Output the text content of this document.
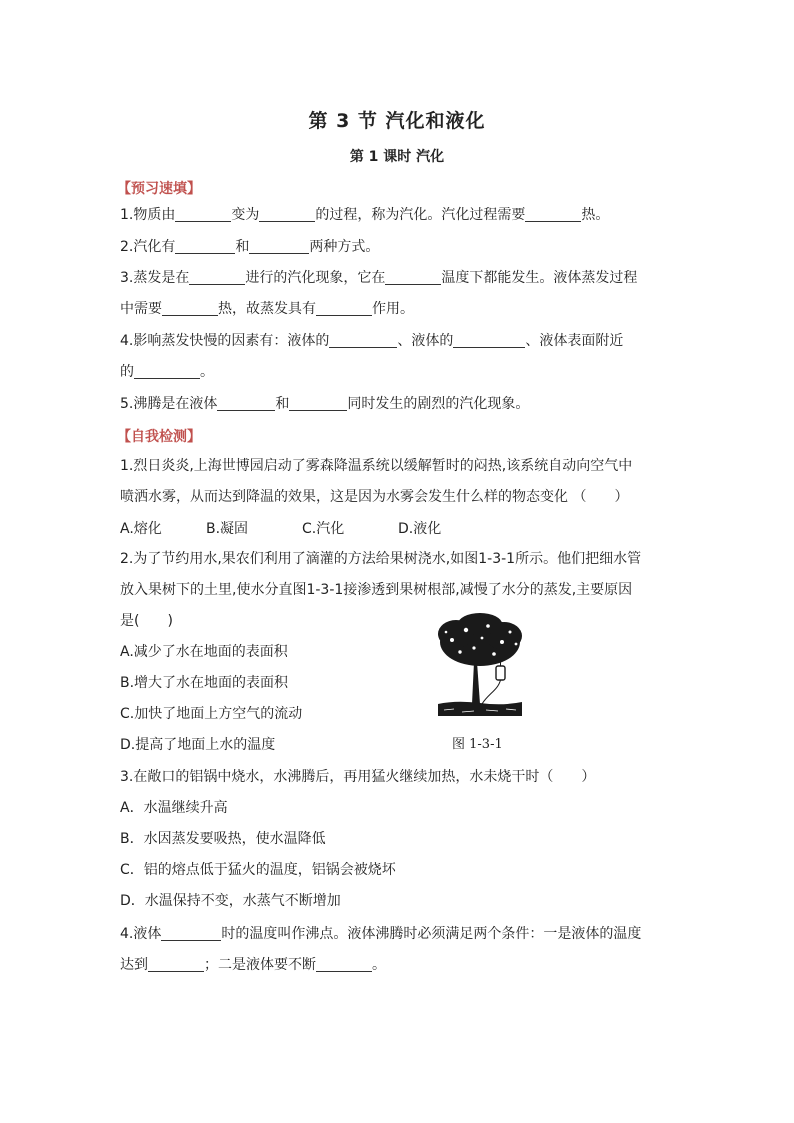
第 3 节 汽化和液化
第 1 课时 汽化
【预习速填】
1.物质由	变为	的过程，称为汽化。汽化过程需要	热。
2.汽化有	和	两种方式。
3.蒸发是在	进行的汽化现象，它在	温度下都能发生。液体蒸发过程
中需要	热，故蒸发具有	作用。
4.影响蒸发快慢的因素有：液体的	、液体的	、液体表面附近
的	。
5.沸腾是在液体	和	同时发生的剧烈的汽化现象。
【自我检测】
1.烈日炎炎,上海世博园启动了雾森降温系统以缓解暂时的闷热,该系统自动向空气中
喷洒水雾，从而达到降温的效果，这是因为水雾会发生什么样的物态变化 （　　）
A.熔化	B.凝固	C.汽化	D.液化
2.为了节约用水,果农们利用了滴灌的方法给果树浇水,如图1-3-1所示。他们把细水管
放入果树下的土里,使水分直图1-3-1接渗透到果树根部,减慢了水分的蒸发,主要原因
是(　　)
A.减少了水在地面的表面积
B.增大了水在地面的表面积
C.加快了地面上方空气的流动
D.提高了地面上水的温度	图 1-3-1
3.在敞口的铝锅中烧水，水沸腾后，再用猛火继续加热，水未烧干时（　　）
A．水温继续升高
B．水因蒸发要吸热，使水温降低
C．铝的熔点低于猛火的温度，铝锅会被烧坏
D．水温保持不变，水蒸气不断增加
4.液体	时的温度叫作沸点。液体沸腾时必须满足两个条件：一是液体的温度
达到	；二是液体要不断	。
